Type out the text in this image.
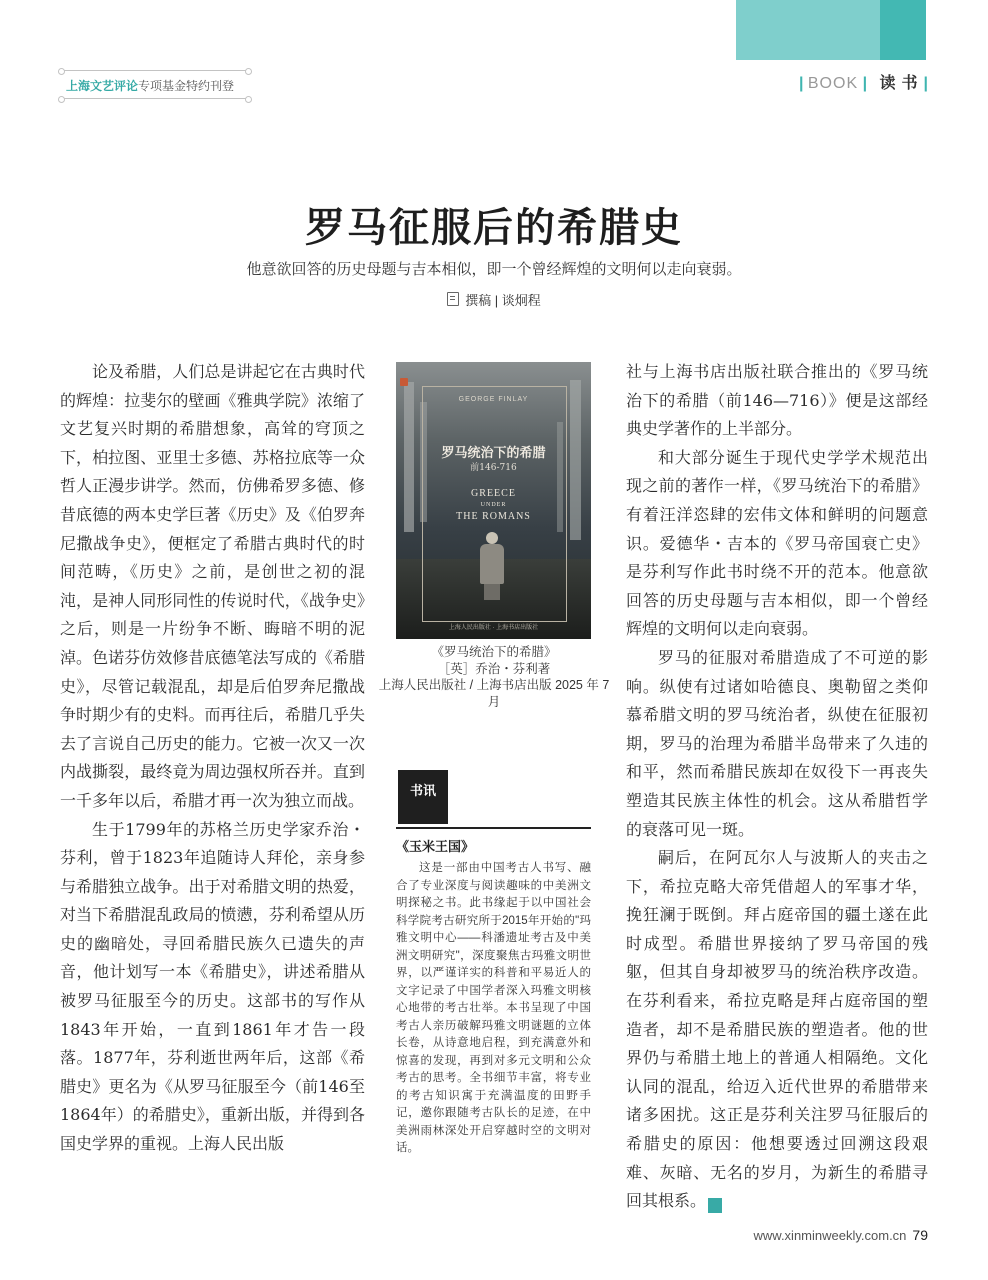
上海文艺评论专项基金特约刊登	| BOOK | 读书|
罗马征服后的希腊史
他意欲回答的历史母题与吉本相似，即一个曾经辉煌的文明何以走向衰弱。
撰稿 | 谈炯程

论及希腊，人们总是讲起它在古典时代的辉煌：拉斐尔的壁画《雅典学院》浓缩了文艺复兴时期的希腊想象，高耸的穹顶之下，柏拉图、亚里士多德、苏格拉底等一众哲人正漫步讲学。然而，仿佛希罗多德、修昔底德的两本史学巨著《历史》及《伯罗奔尼撒战争史》，便框定了希腊古典时代的时间范畴，《历史》之前，是创世之初的混沌，是神人同形同性的传说时代，《战争史》之后，则是一片纷争不断、晦暗不明的泥淖。色诺芬仿效修昔底德笔法写成的《希腊史》，尽管记载混乱，却是后伯罗奔尼撒战争时期少有的史料。而再往后，希腊几乎失去了言说自己历史的能力。它被一次又一次内战撕裂，最终竟为周边强权所吞并。直到一千多年以后，希腊才再一次为独立而战。

生于1799年的苏格兰历史学家乔治・芬利，曾于1823年追随诗人拜伦，亲身参与希腊独立战争。出于对希腊文明的热爱，对当下希腊混乱政局的愤懑，芬利希望从历史的幽暗处，寻回希腊民族久已遗失的声音，他计划写一本《希腊史》，讲述希腊从被罗马征服至今的历史。这部书的写作从1843年开始，一直到1861年才告一段落。1877年，芬利逝世两年后，这部《希腊史》更名为《从罗马征服至今（前146至1864年）的希腊史》，重新出版，并得到各国史学界的重视。上海人民出版

GEORGE FINLAY
罗马统治下的希腊
前146-716
GREECE
UNDER
THE ROMANS
上海人民出版社 · 上海书店出版社
《罗马统治下的希腊》
［英］乔治・芬利著
上海人民出版社 / 上海书店出版 2025 年 7 月
书讯
《玉米王国》
这是一部由中国考古人书写、融合了专业深度与阅读趣味的中美洲文明探秘之书。此书缘起于以中国社会科学院考古研究所于2015年开始的"玛雅文明中心——科潘遗址考古及中美洲文明研究"，深度聚焦古玛雅文明世界，以严谨详实的科普和平易近人的文字记录了中国学者深入玛雅文明核心地带的考古壮举。本书呈现了中国考古人亲历破解玛雅文明谜题的立体长卷，从诗意地启程，到充满意外和惊喜的发现，再到对多元文明和公众考古的思考。全书细节丰富，将专业的考古知识寓于充满温度的田野手记，邀你跟随考古队长的足迹，在中美洲雨林深处开启穿越时空的文明对话。

社与上海书店出版社联合推出的《罗马统治下的希腊（前146—716）》便是这部经典史学著作的上半部分。

和大部分诞生于现代史学学术规范出现之前的著作一样，《罗马统治下的希腊》有着汪洋恣肆的宏伟文体和鲜明的问题意识。爱德华・吉本的《罗马帝国衰亡史》是芬利写作此书时绕不开的范本。他意欲回答的历史母题与吉本相似，即一个曾经辉煌的文明何以走向衰弱。

罗马的征服对希腊造成了不可逆的影响。纵使有过诸如哈德良、奥勒留之类仰慕希腊文明的罗马统治者，纵使在征服初期，罗马的治理为希腊半岛带来了久违的和平，然而希腊民族却在奴役下一再丧失塑造其民族主体性的机会。这从希腊哲学的衰落可见一斑。

嗣后，在阿瓦尔人与波斯人的夹击之下，希拉克略大帝凭借超人的军事才华，挽狂澜于既倒。拜占庭帝国的疆土遂在此时成型。希腊世界接纳了罗马帝国的残躯，但其自身却被罗马的统治秩序改造。在芬利看来，希拉克略是拜占庭帝国的塑造者，却不是希腊民族的塑造者。他的世界仍与希腊土地上的普通人相隔绝。文化认同的混乱，给迈入近代世界的希腊带来诸多困扰。这正是芬利关注罗马征服后的希腊史的原因：他想要透过回溯这段艰难、灰暗、无名的岁月，为新生的希腊寻回其根系。	文

www.xinminweekly.com.cn 79
